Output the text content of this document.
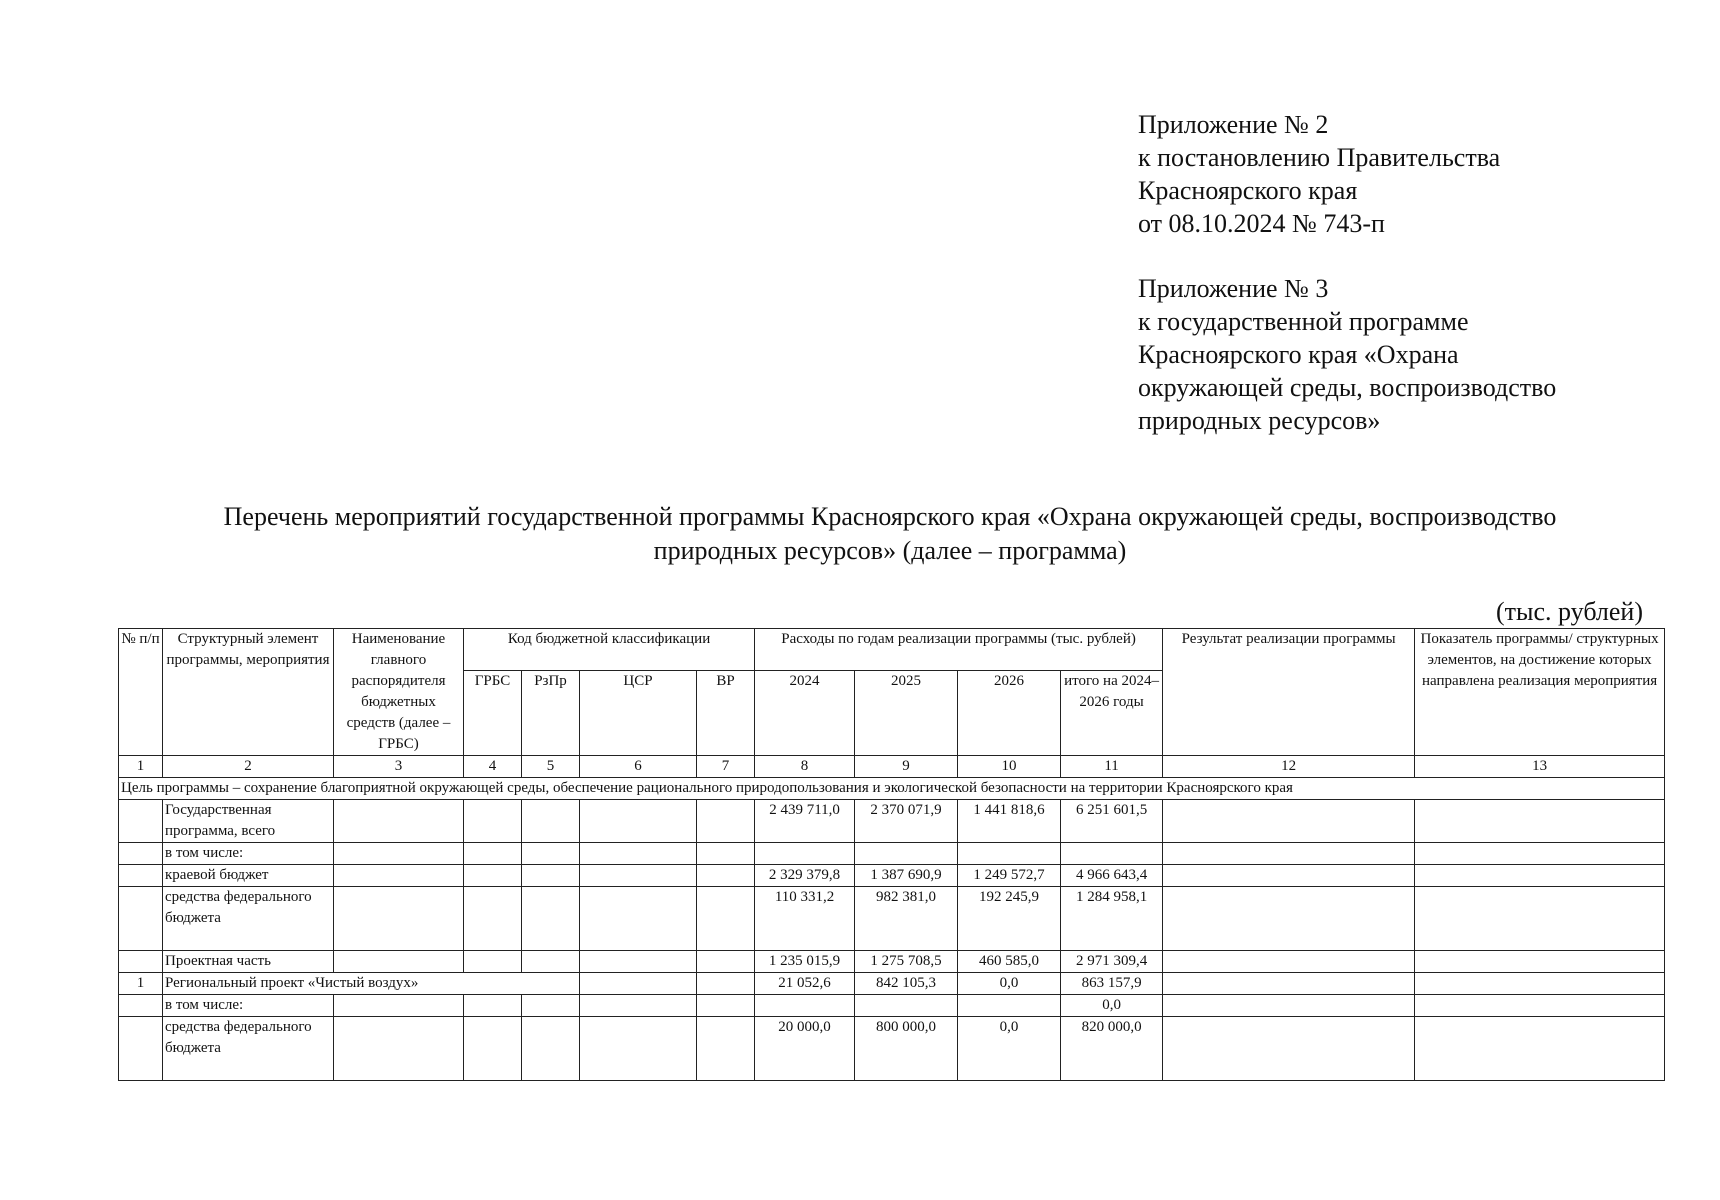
Приложение № 2
к постановлению Правительства
Красноярского края
от 08.10.2024 № 743-п
Приложение № 3
к государственной программе
Красноярского края «Охрана
окружающей среды, воспроизводство
природных ресурсов»
Перечень мероприятий государственной программы Красноярского края «Охрана окружающей среды, воспроизводство
природных ресурсов» (далее – программа)
(тыс. рублей)
№ п/п	Структурный элемент программы, мероприятия	Наименование главного распорядителя бюджетных средств (далее – ГРБС)	Код бюджетной классификации				Расходы по годам реализации программы (тыс. рублей)				Результат реализации программы	Показатель программы/ структурных элементов, на достижение которых направлена реализация мероприятия
			ГРБС	РзПр	ЦСР	ВР	2024	2025	2026	итого на 2024–2026 годы		
1	2	3	4	5	6	7	8	9	10	11	12	13
Цель программы – сохранение благоприятной окружающей среды, обеспечение рационального природопользования и экологической безопасности на территории Красноярского края												
	Государственная программа, всего						2 439 711,0	2 370 071,9	1 441 818,6	6 251 601,5		
	в том числе:											
	краевой бюджет						2 329 379,8	1 387 690,9	1 249 572,7	4 966 643,4		
	средства федерального бюджета						110 331,2	982 381,0	192 245,9	1 284 958,1		
	Проектная часть						1 235 015,9	1 275 708,5	460 585,0	2 971 309,4		
1	Региональный проект «Чистый воздух»						21 052,6	842 105,3	0,0	863 157,9		
	в том числе:									0,0		
	средства федерального бюджета						20 000,0	800 000,0	0,0	820 000,0		
